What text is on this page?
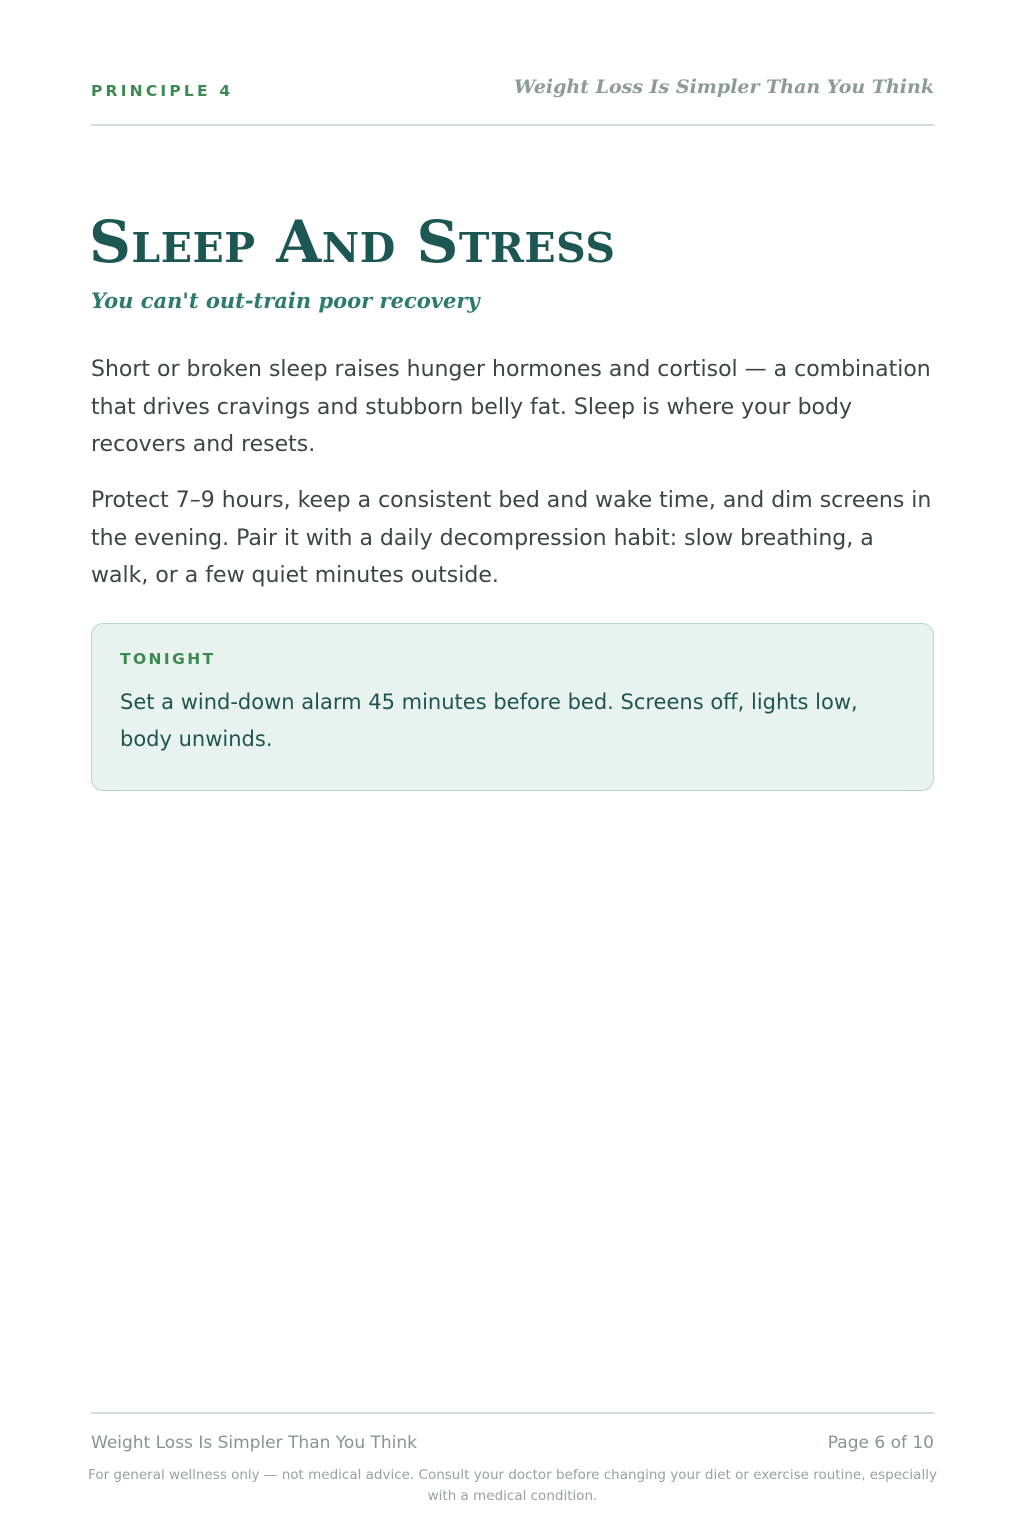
PRINCIPLE 4	Weight Loss Is Simpler Than You Think
Sleep And Stress
You can't out-train poor recovery

Short or broken sleep raises hunger hormones and cortisol — a combination that drives cravings and stubborn belly fat. Sleep is where your body recovers and resets.

Protect 7–9 hours, keep a consistent bed and wake time, and dim screens in the evening. Pair it with a daily decompression habit: slow breathing, a walk, or a few quiet minutes outside.

TONIGHT

Set a wind-down alarm 45 minutes before bed. Screens off, lights low, body unwinds.

Weight Loss Is Simpler Than You Think	Page 6 of 10

For general wellness only — not medical advice. Consult your doctor before changing your diet or exercise routine, especially with a medical condition.
